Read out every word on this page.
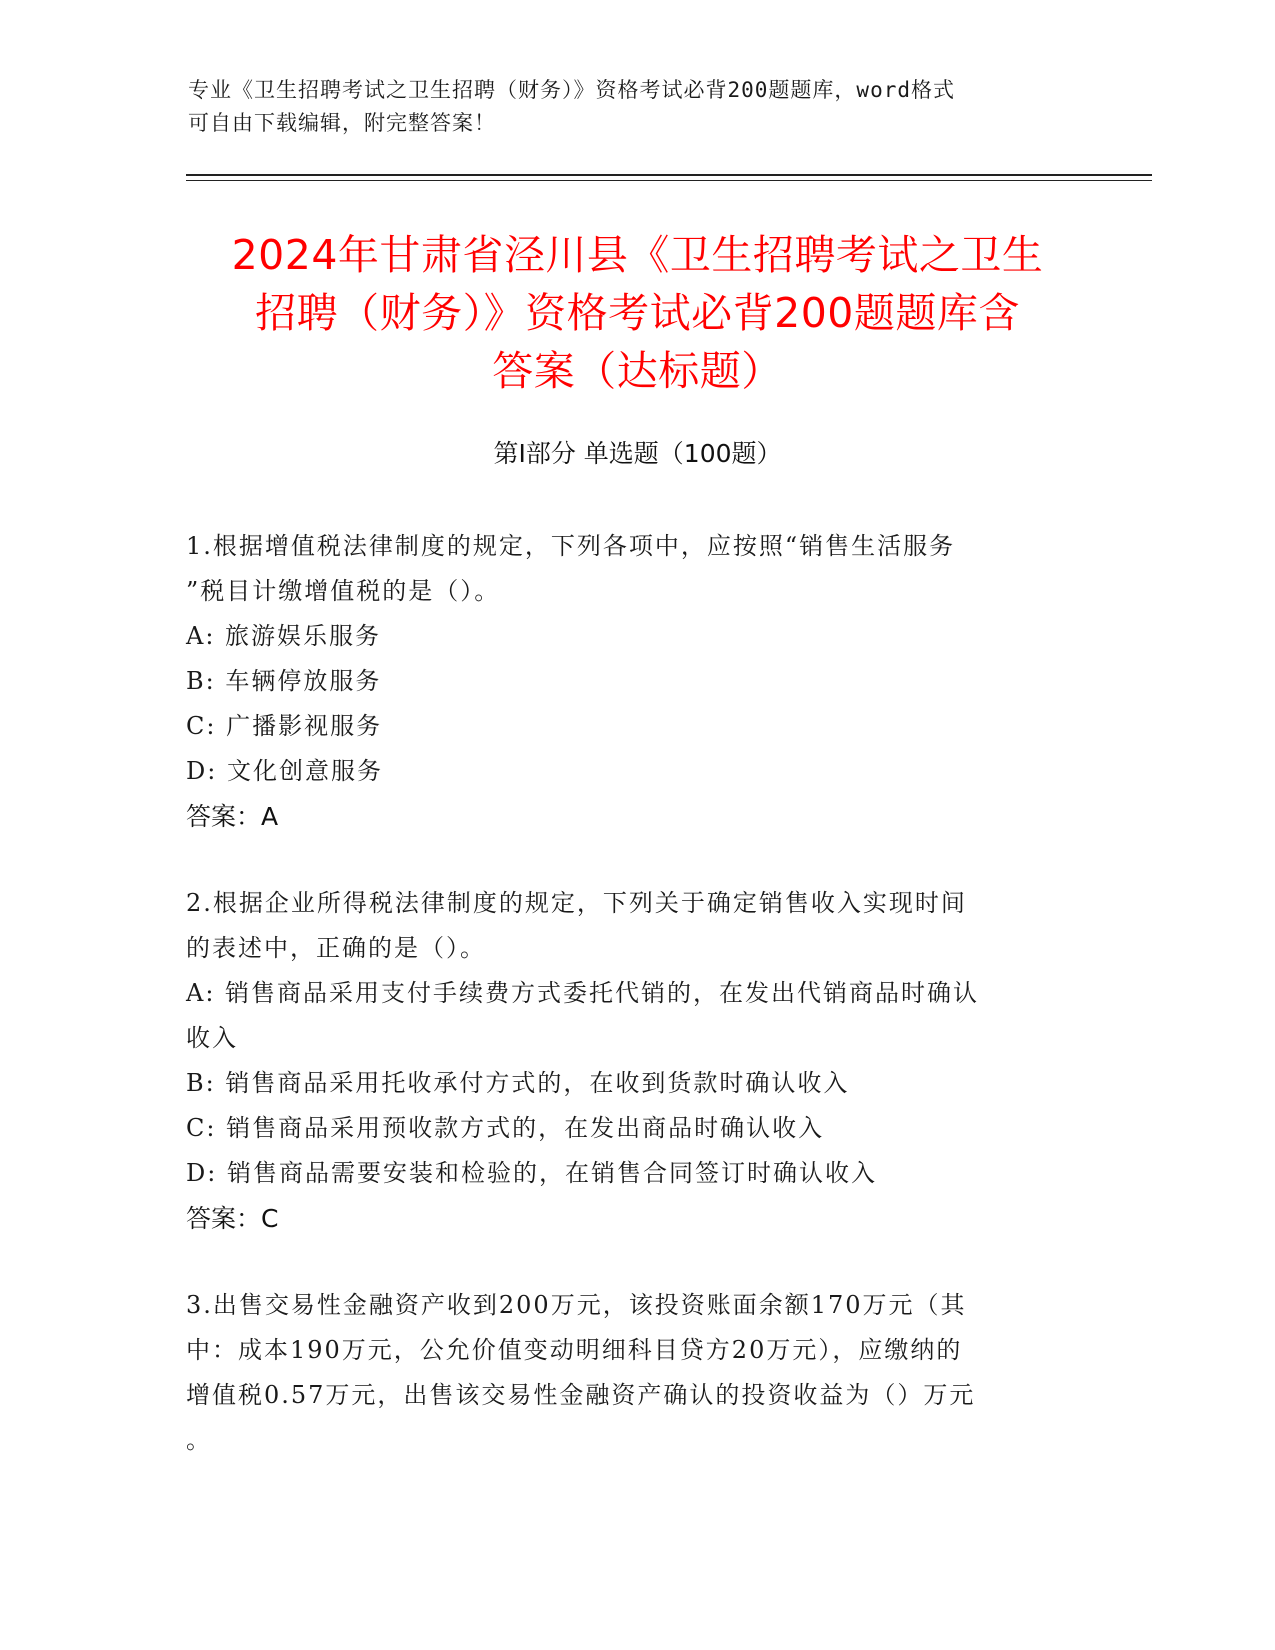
专业《卫生招聘考试之卫生招聘（财务）》资格考试必背200题题库，word格式
可自由下载编辑，附完整答案！
2024年甘肃省泾川县《卫生招聘考试之卫生
招聘（财务）》资格考试必背200题题库含
答案（达标题）
第Ⅰ部分 单选题（100题）

1.根据增值税法律制度的规定，下列各项中，应按照“销售生活服务

”税目计缴增值税的是（）。

A: 旅游娱乐服务

B: 车辆停放服务

C: 广播影视服务

D: 文化创意服务

答案：A

2.根据企业所得税法律制度的规定，下列关于确定销售收入实现时间

的表述中，正确的是（）。

A: 销售商品采用支付手续费方式委托代销的，在发出代销商品时确认

收入

B: 销售商品采用托收承付方式的，在收到货款时确认收入

C: 销售商品采用预收款方式的，在发出商品时确认收入

D: 销售商品需要安装和检验的，在销售合同签订时确认收入

答案：C

3.出售交易性金融资产收到200万元，该投资账面余额170万元（其

中：成本190万元，公允价值变动明细科目贷方20万元），应缴纳的

增值税0.57万元，出售该交易性金融资产确认的投资收益为（）万元

。
